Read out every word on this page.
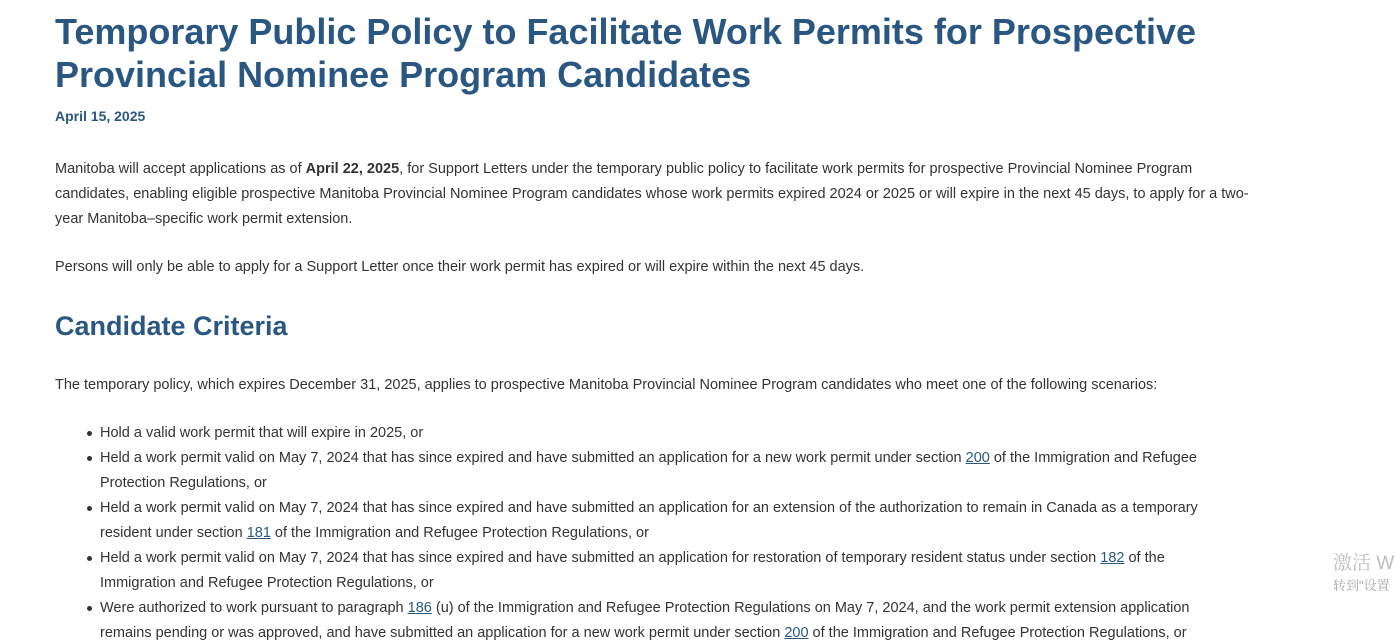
Temporary Public Policy to Facilitate Work Permits for Prospective Provincial Nominee Program Candidates
April 15, 2025

Manitoba will accept applications as of April 22, 2025, for Support Letters under the temporary public policy to facilitate work permits for prospective Provincial Nominee Program candidates, enabling eligible prospective Manitoba Provincial Nominee Program candidates whose work permits expired 2024 or 2025 or will expire in the next 45 days, to apply for a two-year Manitoba–specific work permit extension.

Persons will only be able to apply for a Support Letter once their work permit has expired or will expire within the next 45 days.

Candidate Criteria

The temporary policy, which expires December 31, 2025, applies to prospective Manitoba Provincial Nominee Program candidates who meet one of the following scenarios:

Hold a valid work permit that will expire in 2025, or
Held a work permit valid on May 7, 2024 that has since expired and have submitted an application for a new work permit under section 200 of the Immigration and Refugee Protection Regulations, or
Held a work permit valid on May 7, 2024 that has since expired and have submitted an application for an extension of the authorization to remain in Canada as a temporary resident under section 181 of the Immigration and Refugee Protection Regulations, or
Held a work permit valid on May 7, 2024 that has since expired and have submitted an application for restoration of temporary resident status under section 182 of the Immigration and Refugee Protection Regulations, or
Were authorized to work pursuant to paragraph 186 (u) of the Immigration and Refugee Protection Regulations on May 7, 2024, and the work permit extension application remains pending or was approved, and have submitted an application for a new work permit under section 200 of the Immigration and Refugee Protection Regulations, or
激活 W
转到"设置
